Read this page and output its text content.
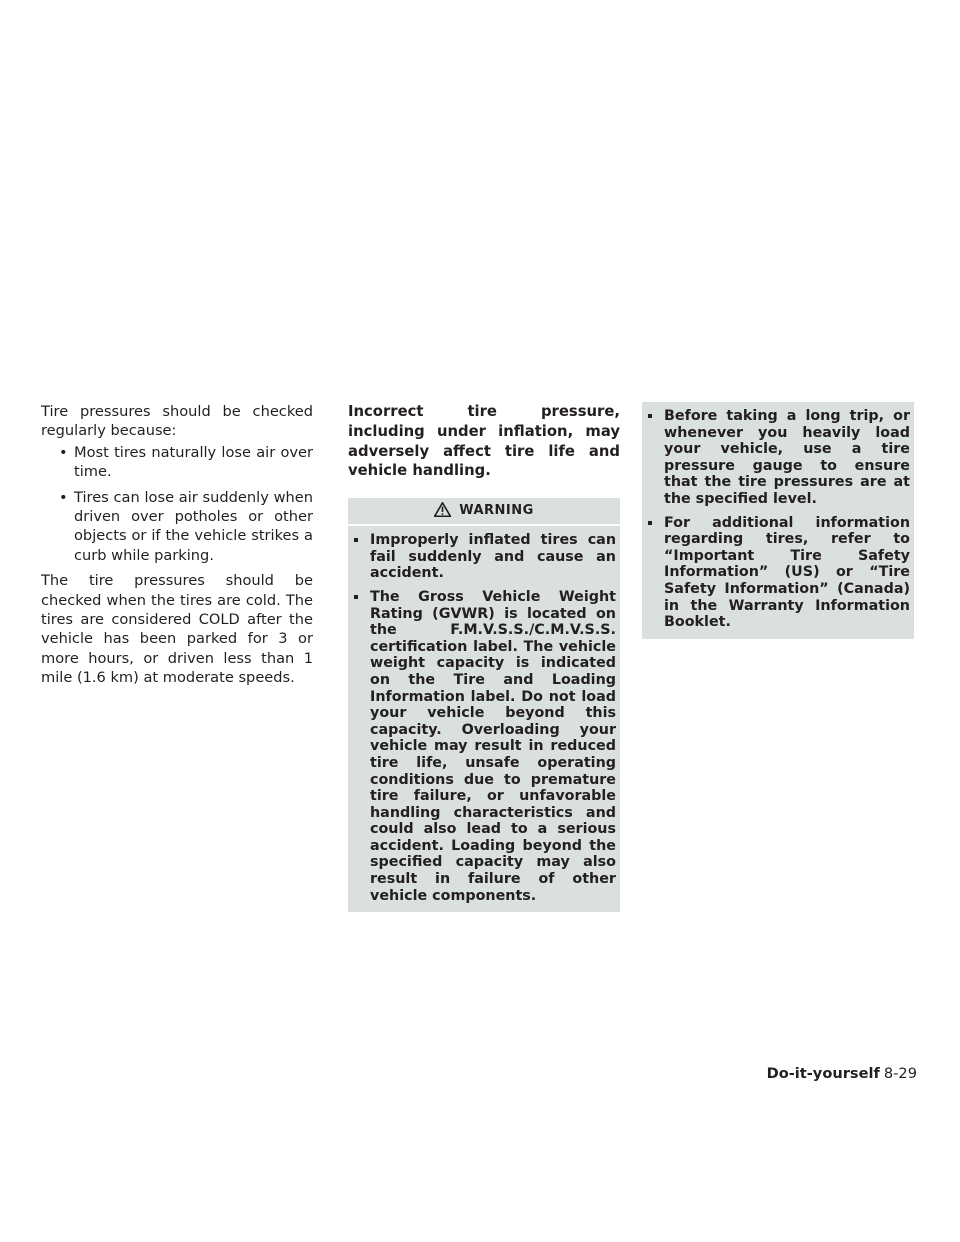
Tire pressures should be checked regularly because:

• Most tires naturally lose air over time.
• Tires can lose air suddenly when driven over potholes or other objects or if the vehicle strikes a curb while parking.

The tire pressures should be checked when the tires are cold. The tires are considered COLD after the vehicle has been parked for 3 or more hours, or driven less than 1 mile (1.6 km) at moderate speeds.

Incorrect tire pressure, including under inflation, may adversely affect tire life and vehicle handling.

WARNING
Improperly inflated tires can fail suddenly and cause an accident.
The Gross Vehicle Weight Rating (GVWR) is located on the F.M.V.S.S./C.M.V.S.S. certification label. The vehicle weight capacity is indicated on the Tire and Loading Information label. Do not load your vehicle beyond this capacity. Overloading your vehicle may result in reduced tire life, unsafe operating conditions due to premature tire failure, or unfavorable handling characteristics and could also lead to a serious accident. Loading beyond the specified capacity may also result in failure of other vehicle components.
Before taking a long trip, or whenever you heavily load your vehicle, use a tire pressure gauge to ensure that the tire pressures are at the specified level.
For additional information regarding tires, refer to “Important Tire Safety Information” (US) or “Tire Safety Information” (Canada) in the Warranty Information Booklet.
Do-it-yourself 8-29
